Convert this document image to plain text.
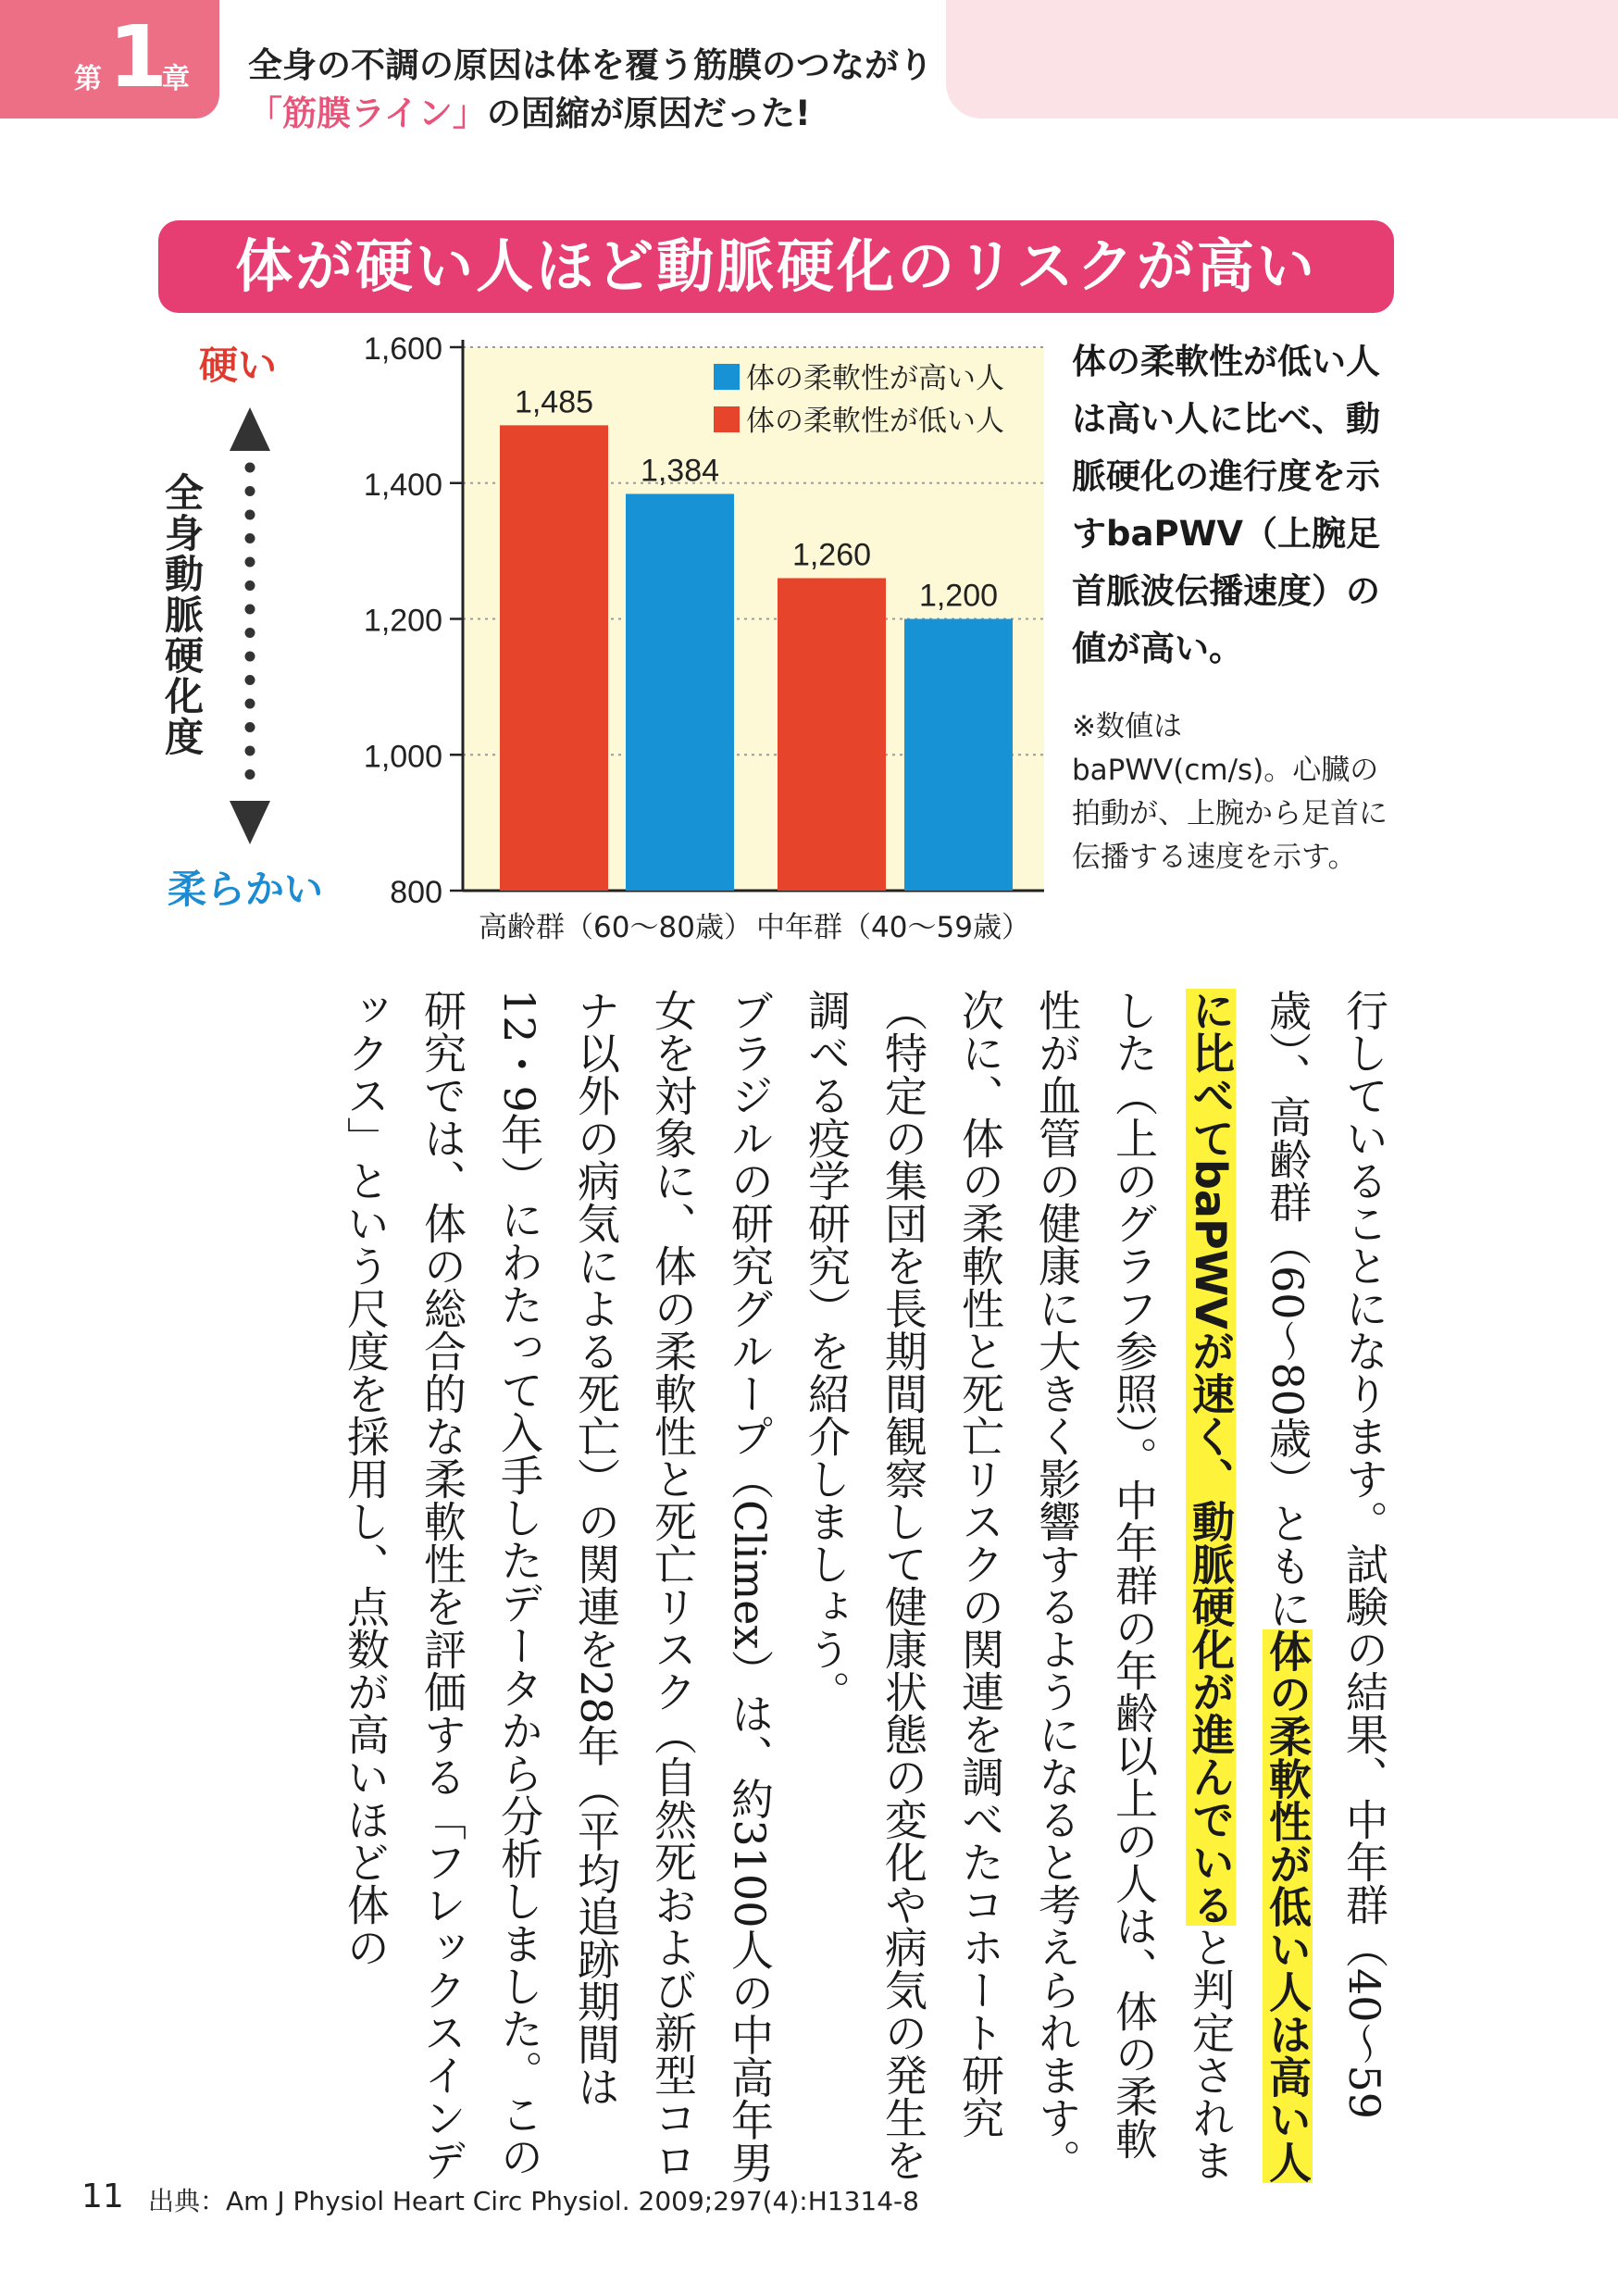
第 1
章 全身の不調の原因は体を覆う筋膜のつながり
「筋膜ライン」の固縮が原因だった!
体が硬い人ほど動脈硬化のリスクが高い
硬い
全身動脈硬化度
柔らかい 800
1,000
1,200
1,400
1,600
1,485
1,384
高齢群（60〜80歳）
1,260
1,200
中年群（40〜59歳）
体の柔軟性が高い人
体の柔軟性が低い人
体の柔軟性が低い人は高い人に比べ、動脈硬化の進行度を示すbaPWV（上腕足首脈波伝播速度）の値が高い。
※数値はbaPWV(cm/s)。心臓の拍動が、上腕から足首に伝播する速度を示す。

行していることになります。試験の結果、中年群（40〜59歳）、高齢群（60〜80歳）ともに体の柔軟性が低い人は高い人に比べてbaPWVが速く、動脈硬化が進んでいると判定されました（上のグラフ参照）。中年群の年齢以上の人は、体の柔軟性が血管の健康に大きく影響するようになると考えられます。

次に、体の柔軟性と死亡リスクの関連を調べたコホート研究（特定の集団を長期間観察して健康状態の変化や病気の発生を調べる疫学研究）を紹介しましょう。

ブラジルの研究グループ（Climex）は、約3100人の中高年男女を対象に、体の柔軟性と死亡リスク（自然死および新型コロナ以外の病気による死亡）の関連を28年（平均追跡期間は12・9年）にわたって入手したデータから分析しました。この研究では、体の総合的な柔軟性を評価する「フレックスインデックス」という尺度を採用し、点数が高いほど体の

11 出典：Am J Physiol Heart Circ Physiol. 2009;297(4):H1314-8
